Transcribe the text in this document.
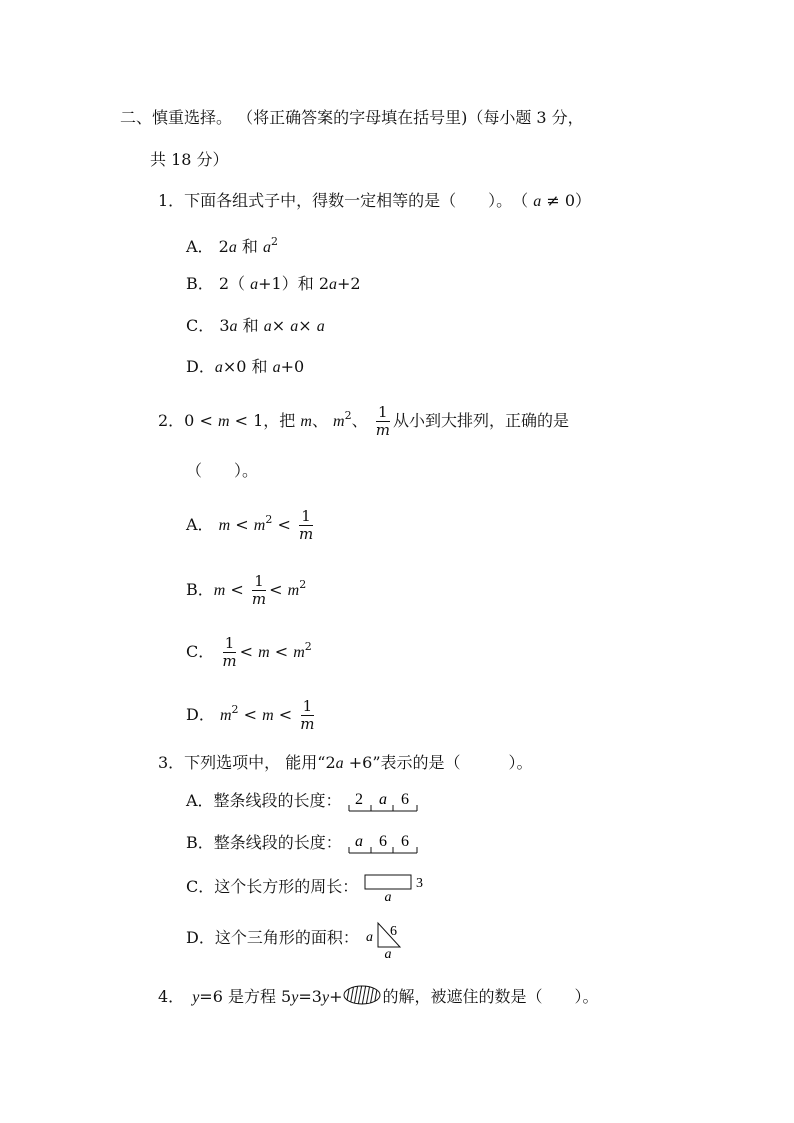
二、慎重选择。 （将正确答案的字母填在括号里)（每小题 3 分，
共 18 分）
1．下面各组式子中，得数一定相等的是（　　）。　（ a ≠ 0）
A． 2a 和 $a^2$
B． 2（ a+1）和 2a+2
C． 3a 和 a× a× a
D．a×0 和 a+0
2．0 < m < 1，把 m、 $m^2$、 $\frac{1}{m}$ 从小到大排列，正确的是
（　　）。
A． $m < m^2 < \frac{1}{m}$
B．$m < \frac{1}{m} < m^2$
C． $\frac{1}{m} < m < m^2$
D． $m^2 < m < \frac{1}{m}$
3．下列选项中， 能用“2a +6”表示的是（　　　）。
A．整条线段的长度： 2 a 6
B．整条线段的长度： a 6 6
C．这个长方形的周长：	3
a
D．这个三角形的面积： a 6
a
4．　y=6 是方程 5y=3y+	的解，被遮住的数是（　　）。
